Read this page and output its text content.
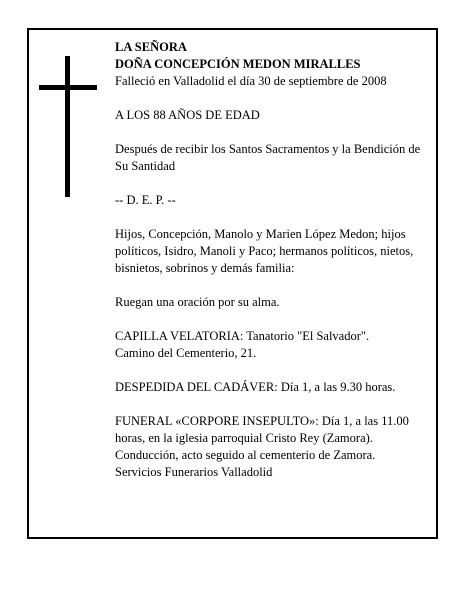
LA SEÑORA

DOÑA CONCEPCIÓN MEDON MIRALLES

Falleció en Valladolid el día 30 de septiembre de 2008

A LOS 88 AÑOS DE EDAD

Después de recibir los Santos Sacramentos y la Bendición de Su Santidad

-- D. E. P. --

Hijos, Concepción, Manolo y Marien López Medon; hijos políticos, Isidro, Manoli y Paco; hermanos políticos, nietos, bisnietos, sobrinos y demás familia:

Ruegan una oración por su alma.

CAPILLA VELATORIA: Tanatorio "El Salvador".

Camino del Cementerio, 21.

DESPEDIDA DEL CADÁVER: Día 1, a las 9.30 horas.

FUNERAL «CORPORE INSEPULTO»: Día 1, a las 11.00 horas, en la iglesia parroquial Cristo Rey (Zamora). Conducción, acto seguido al cementerio de Zamora.

Servicios Funerarios Valladolid
